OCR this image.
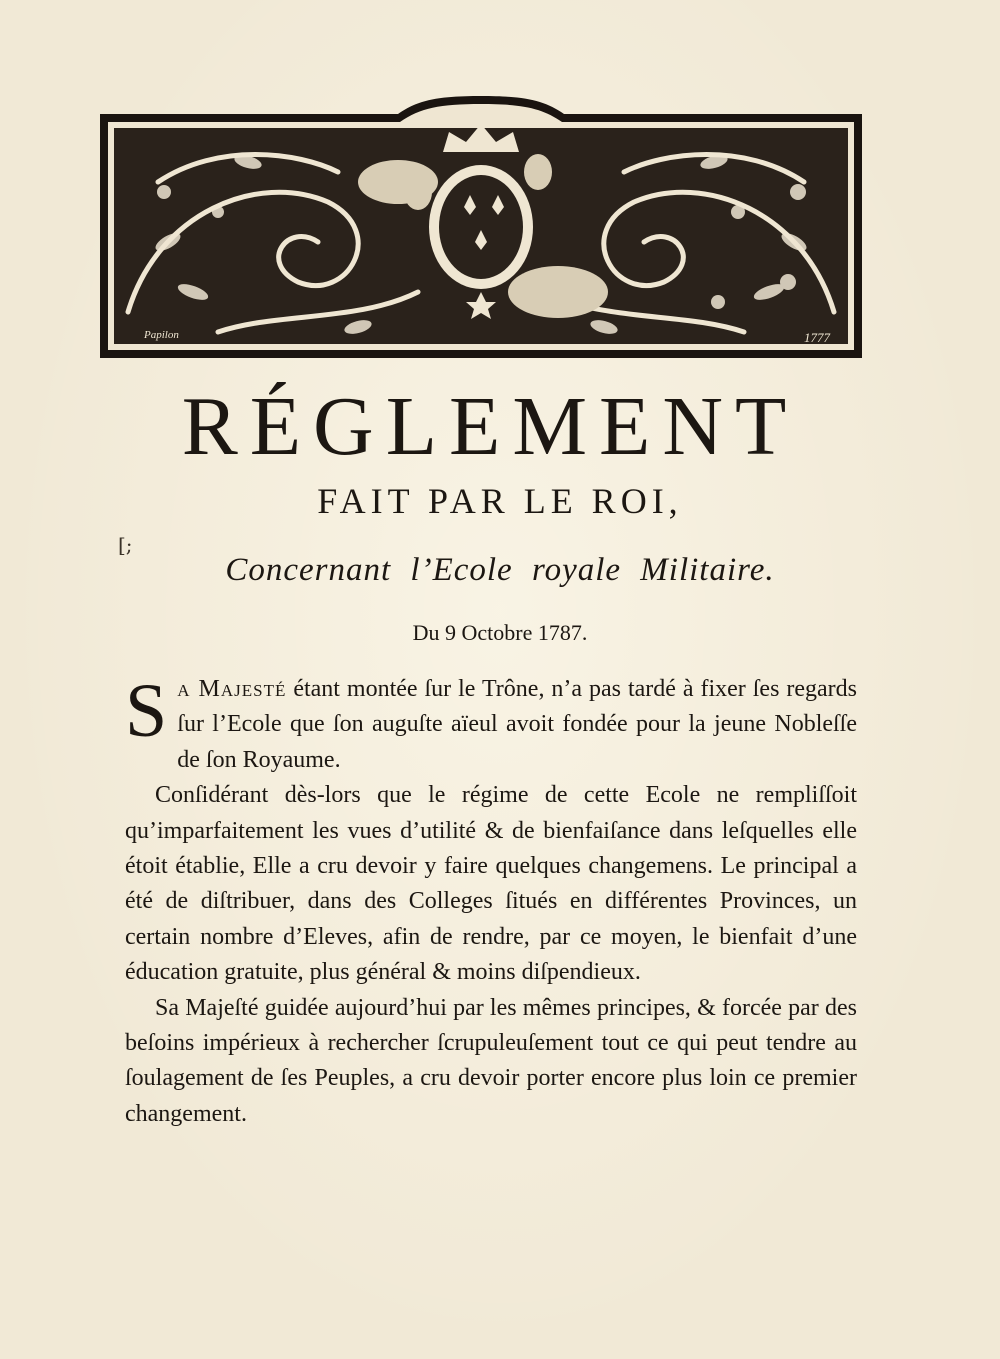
Papilon	1777
RÉGLEMENT
FAIT PAR LE ROI,
[;
Concernant l’Ecole royale Militaire.
Du 9 Octobre 1787.

Sa Majesté étant montée ſur le Trône, n’a pas tardé à fixer ſes regards ſur l’Ecole que ſon auguſte aïeul avoit fondée pour la jeune Nobleſſe de ſon Royaume.

Conſidérant dès-lors que le régime de cette Ecole ne rempliſſoit qu’imparfaitement les vues d’utilité & de bienfaiſance dans leſquelles elle étoit établie, Elle a cru devoir y faire quelques changemens. Le principal a été de diſtribuer, dans des Colleges ſitués en différentes Provinces, un certain nombre d’Eleves, afin de rendre, par ce moyen, le bienfait d’une éducation gratuite, plus général & moins diſpendieux.

Sa Majeſté guidée aujourd’hui par les mêmes principes, & forcée par des beſoins impérieux à rechercher ſcrupuleuſement tout ce qui peut tendre au ſoulagement de ſes Peuples, a cru devoir porter encore plus loin ce premier changement.
